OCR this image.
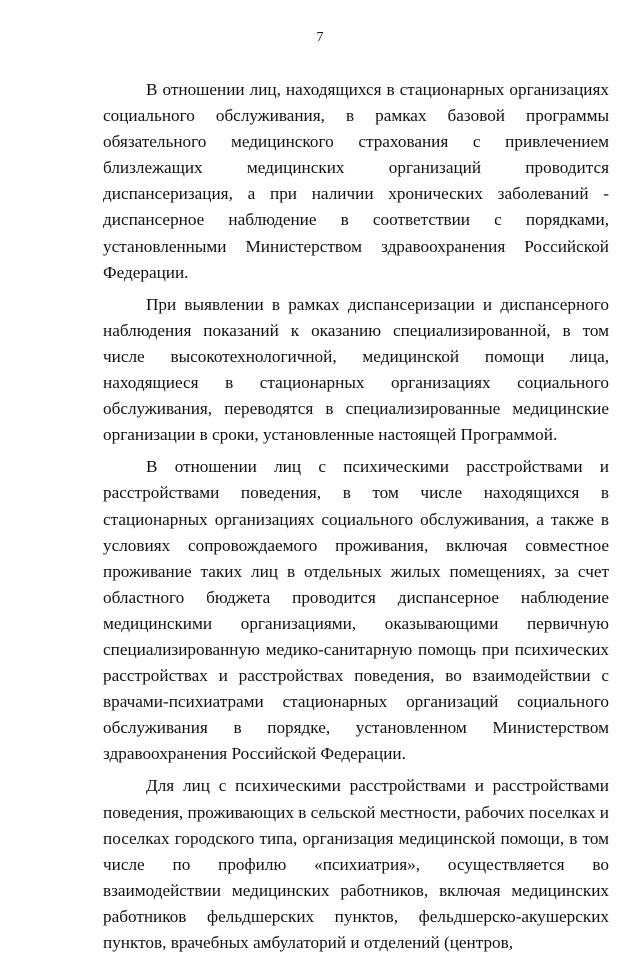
7

В отношении лиц, находящихся в стационарных организациях социального обслуживания, в рамках базовой программы обязательного медицинского страхования с привлечением близлежащих медицинских организаций проводится диспансеризация, а при наличии хронических заболеваний - диспансерное наблюдение в соответствии с порядками, установленными Министерством здравоохранения Российской Федерации.

При выявлении в рамках диспансеризации и диспансерного наблюдения показаний к оказанию специализированной, в том числе высокотехнологичной, медицинской помощи лица, находящиеся в стационарных организациях социального обслуживания, переводятся в специализированные медицинские организации в сроки, установленные настоящей Программой.

В отношении лиц с психическими расстройствами и расстройствами поведения, в том числе находящихся в стационарных организациях социального обслуживания, а также в условиях сопровождаемого проживания, включая совместное проживание таких лиц в отдельных жилых помещениях, за счет областного бюджета проводится диспансерное наблюдение медицинскими организациями, оказывающими первичную специализированную медико-санитарную помощь при психических расстройствах и расстройствах поведения, во взаимодействии с врачами-психиатрами стационарных организаций социального обслуживания в порядке, установленном Министерством здравоохранения Российской Федерации.

Для лиц с психическими расстройствами и расстройствами поведения, проживающих в сельской местности, рабочих поселках и поселках городского типа, организация медицинской помощи, в том числе по профилю «психиатрия», осуществляется во взаимодействии медицинских работников, включая медицинских работников фельдшерских пунктов, фельдшерско-акушерских пунктов, врачебных амбулаторий и отделений (центров,
